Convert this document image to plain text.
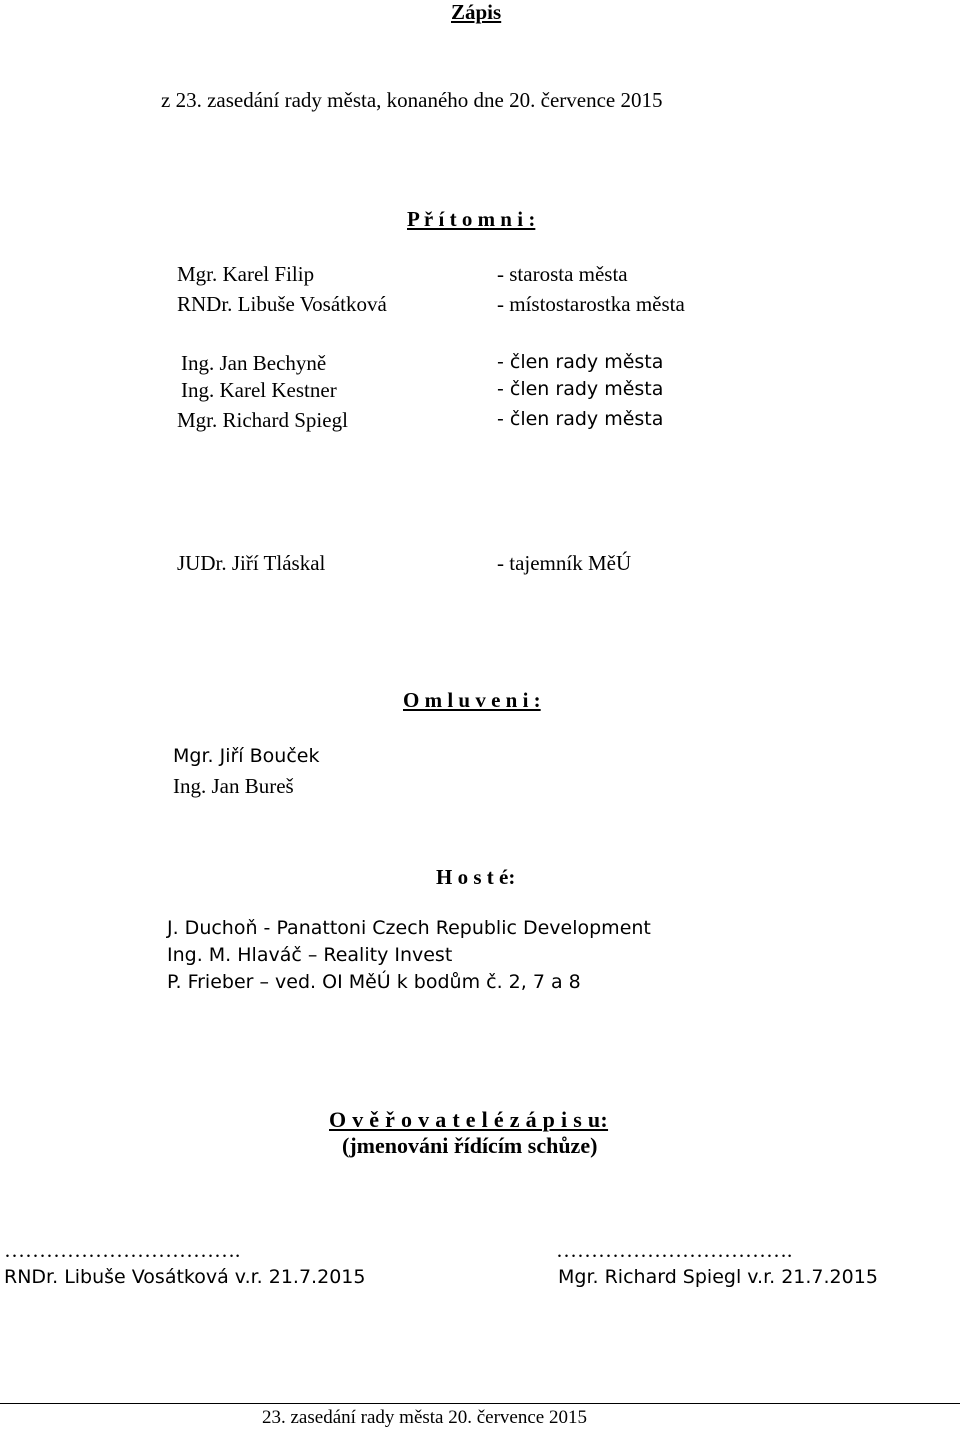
Zápis
z 23. zasedání rady města, konaného dne 20. července 2015
P ř í t o m n i :
Mgr. Karel Filip	- starosta města
RNDr. Libuše Vosátková	- místostarostka města
Ing. Jan Bechyně	- člen rady města
Ing. Karel Kestner	- člen rady města
Mgr. Richard Spiegl	- člen rady města
JUDr. Jiří Tláskal	- tajemník MěÚ
O m l u v e n i :
Mgr. Jiří Bouček
Ing. Jan Bureš
H o s t é:
J. Duchoň - Panattoni Czech Republic Development
Ing. M. Hlaváč – Reality Invest
P. Frieber – ved. OI MěÚ k bodům č. 2, 7 a 8
O v ě ř o v a t e l é z á p i s u:
(jmenováni řídícím schůze)
…………………………….
RNDr. Libuše Vosátková v.r. 21.7.2015
…………………………….
Mgr. Richard Spiegl v.r. 21.7.2015
23. zasedání rady města 20. července 2015
